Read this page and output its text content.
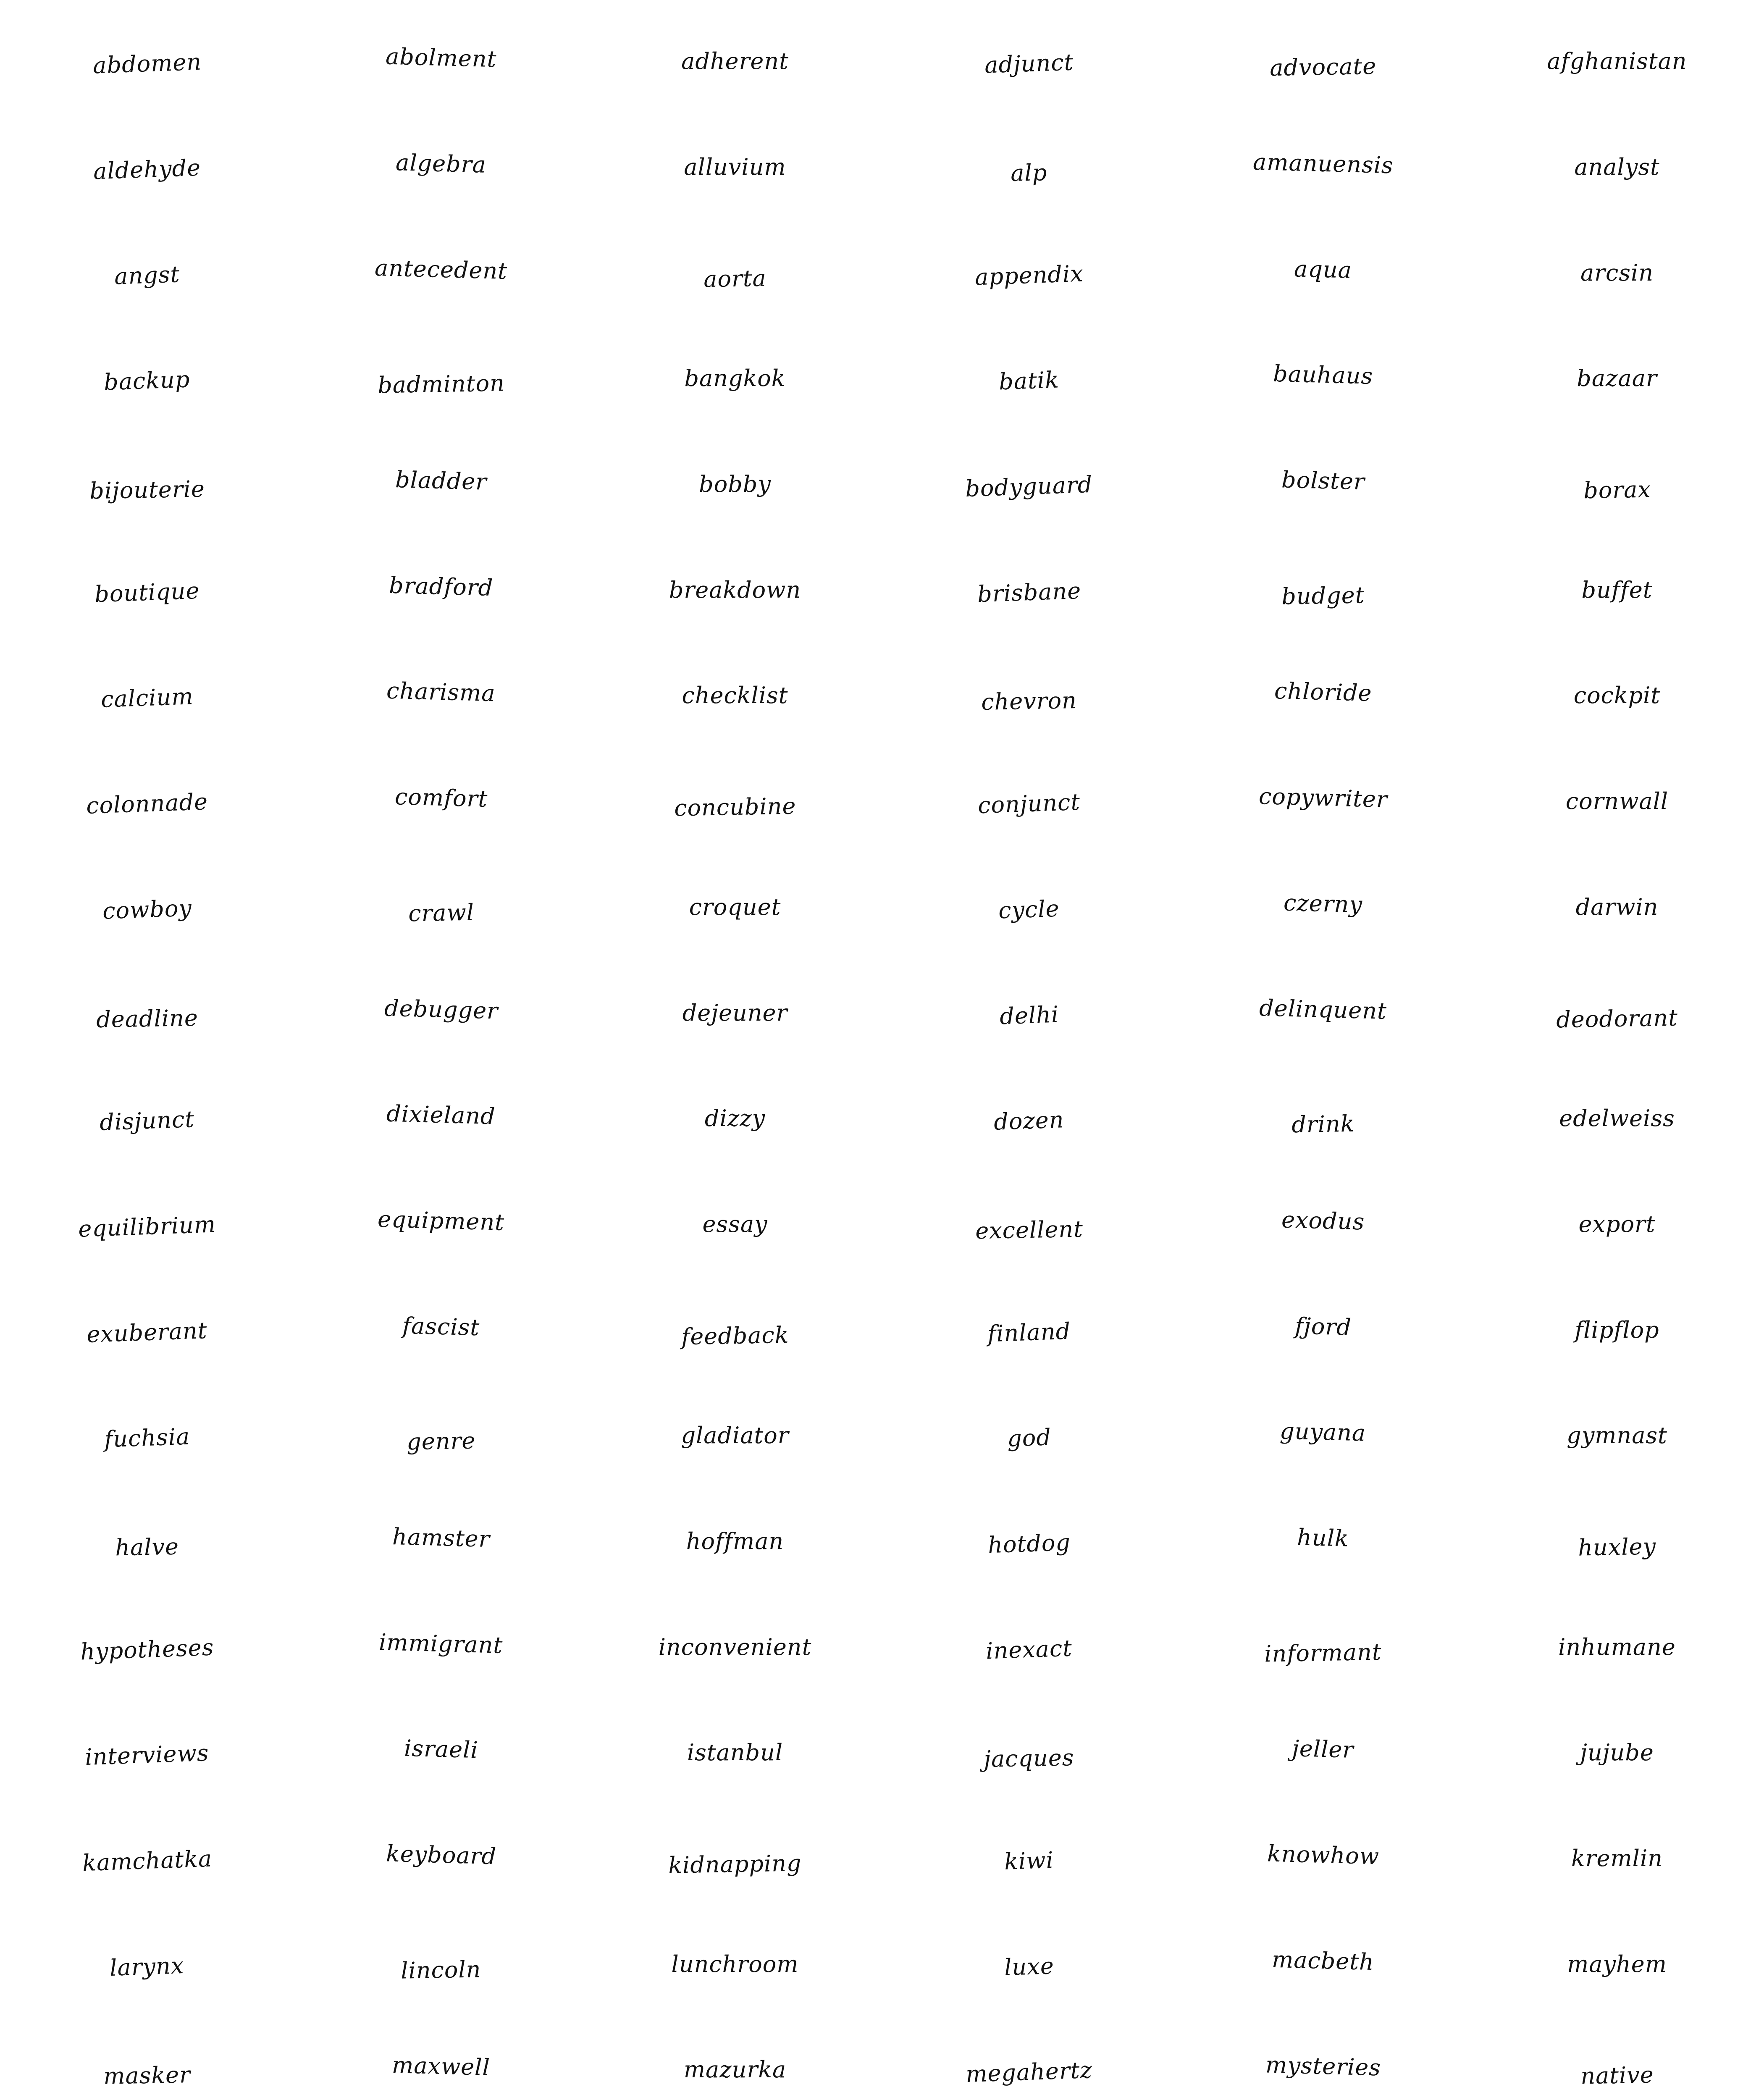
abdomen	abolment	adherent	adjunct	advocate	afghanistan
aldehyde	algebra	alluvium	alp	amanuensis	analyst
angst	antecedent	aorta	appendix	aqua	arcsin
backup	badminton	bangkok	batik	bauhaus	bazaar
bijouterie	bladder	bobby	bodyguard	bolster	borax
boutique	bradford	breakdown	brisbane	budget	buffet
calcium	charisma	checklist	chevron	chloride	cockpit
colonnade	comfort	concubine	conjunct	copywriter	cornwall
cowboy	crawl	croquet	cycle	czerny	darwin
deadline	debugger	dejeuner	delhi	delinquent	deodorant
disjunct	dixieland	dizzy	dozen	drink	edelweiss
equilibrium	equipment	essay	excellent	exodus	export
exuberant	fascist	feedback	finland	fjord	flipflop
fuchsia	genre	gladiator	god	guyana	gymnast
halve	hamster	hoffman	hotdog	hulk	huxley
hypotheses	immigrant	inconvenient	inexact	informant	inhumane
interviews	israeli	istanbul	jacques	jeller	jujube
kamchatka	keyboard	kidnapping	kiwi	knowhow	kremlin
larynx	lincoln	lunchroom	luxe	macbeth	mayhem
masker	maxwell	mazurka	megahertz	mysteries	native
